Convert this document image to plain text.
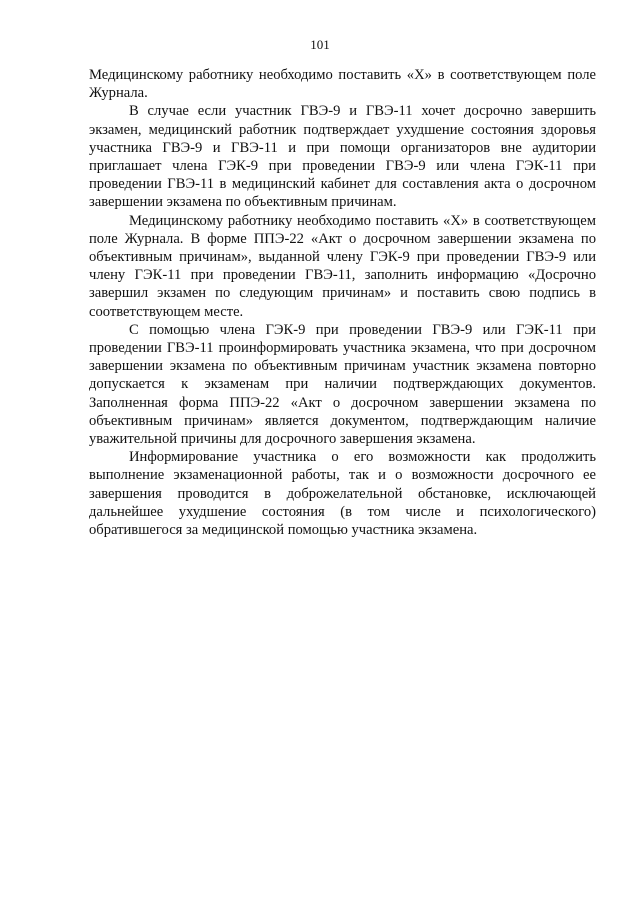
101

Медицинскому работнику необходимо поставить «Х» в соответствующем поле Журнала.

В случае если участник ГВЭ-9 и ГВЭ-11 хочет досрочно завершить экзамен, медицинский работник подтверждает ухудшение состояния здоровья участника ГВЭ-9 и ГВЭ-11 и при помощи организаторов вне аудитории приглашает члена ГЭК-9 при проведении ГВЭ-9 или члена ГЭК-11 при проведении ГВЭ-11 в медицинский кабинет для составления акта о досрочном завершении экзамена по объективным причинам.

Медицинскому работнику необходимо поставить «Х» в соответствующем поле Журнала. В форме ППЭ-22 «Акт о досрочном завершении экзамена по объективным причинам», выданной члену ГЭК-9 при проведении ГВЭ-9 или члену ГЭК-11 при проведении ГВЭ-11, заполнить информацию «Досрочно завершил экзамен по следующим причинам» и поставить свою подпись в соответствующем месте.

С помощью члена ГЭК-9 при проведении ГВЭ-9 или ГЭК-11 при проведении ГВЭ-11 проинформировать участника экзамена, что при досрочном завершении экзамена по объективным причинам участник экзамена повторно допускается к экзаменам при наличии подтверждающих документов. Заполненная форма ППЭ-22 «Акт о досрочном завершении экзамена по объективным причинам» является документом, подтверждающим наличие уважительной причины для досрочного завершения экзамена.

Информирование участника о его возможности как продолжить выполнение экзаменационной работы, так и о возможности досрочного ее завершения проводится в доброжелательной обстановке, исключающей дальнейшее ухудшение состояния (в том числе и психологического) обратившегося за медицинской помощью участника экзамена.
